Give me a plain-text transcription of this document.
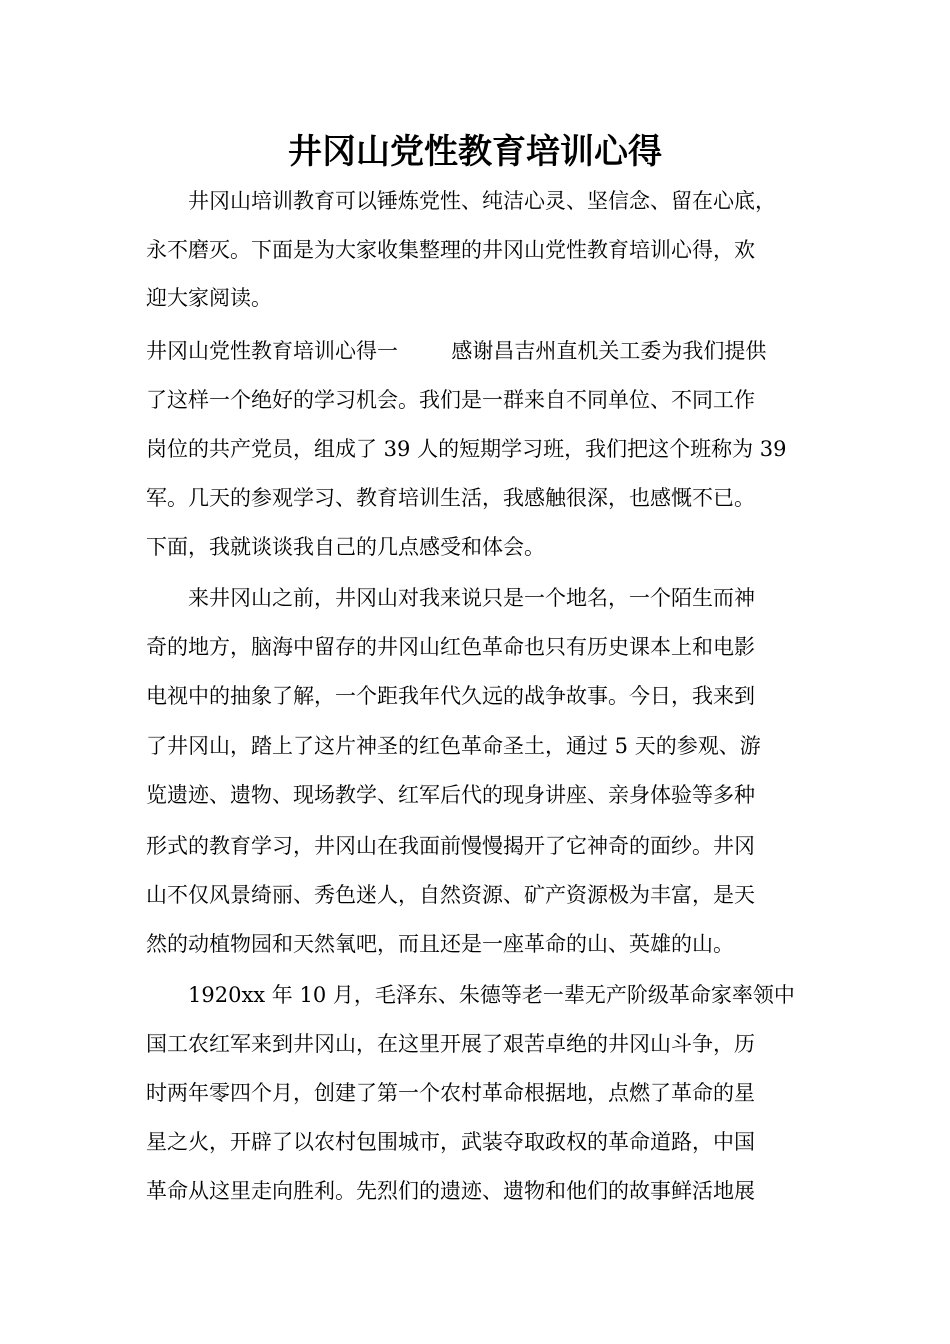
井冈山党性教育培训心得

井冈山培训教育可以锤炼党性、纯洁心灵、坚信念、留在心底，

永不磨灭。下面是为大家收集整理的井冈山党性教育培训心得，欢

迎大家阅读。

井冈山党性教育培训心得一        感谢昌吉州直机关工委为我们提供

了这样一个绝好的学习机会。我们是一群来自不同单位、不同工作

岗位的共产党员，组成了 39 人的短期学习班，我们把这个班称为 39

军。几天的参观学习、教育培训生活，我感触很深，也感慨不已。

下面，我就谈谈我自己的几点感受和体会。

来井冈山之前，井冈山对我来说只是一个地名，一个陌生而神

奇的地方，脑海中留存的井冈山红色革命也只有历史课本上和电影

电视中的抽象了解，一个距我年代久远的战争故事。今日，我来到

了井冈山，踏上了这片神圣的红色革命圣土，通过 5 天的参观、游

览遗迹、遗物、现场教学、红军后代的现身讲座、亲身体验等多种

形式的教育学习，井冈山在我面前慢慢揭开了它神奇的面纱。井冈

山不仅风景绮丽、秀色迷人，自然资源、矿产资源极为丰富，是天

然的动植物园和天然氧吧，而且还是一座革命的山、英雄的山。

1920xx 年 10 月，毛泽东、朱德等老一辈无产阶级革命家率领中

国工农红军来到井冈山，在这里开展了艰苦卓绝的井冈山斗争，历

时两年零四个月，创建了第一个农村革命根据地，点燃了革命的星

星之火，开辟了以农村包围城市，武装夺取政权的革命道路，中国

革命从这里走向胜利。先烈们的遗迹、遗物和他们的故事鲜活地展
